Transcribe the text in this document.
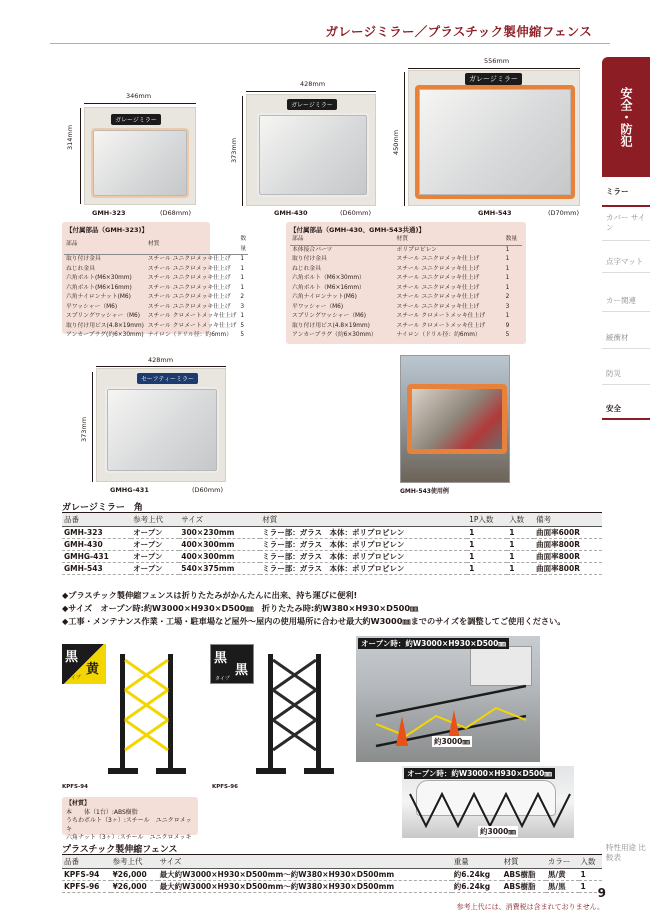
ガレージミラー／プラスチック製伸縮フェンス
安全・防犯
ミラー
カバー サイン
点字マット
カー関連
緩衝材
防災
安全
特性用途 比較表
346mm
314mm
ガレージミラー
GMH-323	(D68mm)
428mm
373mm
ガレージミラー
GMH-430	(D60mm)
556mm
450mm
ガレージミラー
GMH-543	(D70mm)
【付属部品（GMH-323)】
部品	材質	数量
取り付け金具	スチール ユニクロメッキ仕上げ	1
ねじれ金具	スチール ユニクロメッキ仕上げ	1
六角ボルト(M6×30mm)	スチール ユニクロメッキ仕上げ	1
六角ボルト(M6×16mm)	スチール ユニクロメッキ仕上げ	1
六角ナイロンナット(M6)	スチール ユニクロメッキ仕上げ	2
平ワッシャー（M6)	スチール ユニクロメッキ仕上げ	3
スプリングワッシャー（M6)	スチール クロメートメッキ仕上げ	1
取り付け用ビス(4.8×19mm)	スチール クロメートメッキ仕上げ	5
アンカープラグ(約6×30mm)	ナイロン（ドリル径：約6mm）	5
【付属部品（GMH-430、GMH-543共通)】
部品	材質	数量
本体接合パーツ	ポリプロピレン	1
取り付け金具	スチール ユニクロメッキ仕上げ	1
ねじれ金具	スチール ユニクロメッキ仕上げ	1
六角ボルト（M6×30mm）	スチール ユニクロメッキ仕上げ	1
六角ボルト（M6×16mm）	スチール ユニクロメッキ仕上げ	1
六角ナイロンナット(M6)	スチール ユニクロメッキ仕上げ	2
平ワッシャー（M6)	スチール ユニクロメッキ仕上げ	3
スプリングワッシャー（M6)	スチール クロメートメッキ仕上げ	1
取り付け用ビス(4.8×19mm)	スチール クロメートメッキ仕上げ	9
アンカープラグ（約6×30mm）	ナイロン（ドリル径：約6mm）	5
428mm
373mm
セーフティーミラー
GMHG-431	(D60mm)	GMH-543使用例
ガレージミラー　角
品番	参考上代	サイズ	材質	1P入数	入数	備考
GMH-323	オープン	300×230mm	ミラー部：ガラス　本体：ポリプロピレン	1	1	曲面率600R
GMH-430	オープン	400×300mm	ミラー部：ガラス　本体：ポリプロピレン	1	1	曲面率800R
GMHG-431	オープン	400×300mm	ミラー部：ガラス　本体：ポリプロピレン	1	1	曲面率800R
GMH-543	オープン	540×375mm	ミラー部：ガラス　本体：ポリプロピレン	1	1	曲面率800R
◆プラスチック製伸縮フェンスは折りたたみがかんたんに出来、持ち運びに便利!
◆サイズ　オープン時:約W3000×H930×D500㎜　折りたたみ時:約W380×H930×D500㎜
◆工事・メンテナンス作業・工場・駐車場など屋外～屋内の使用場所に合わせ最大約W3000㎜までのサイズを調整してご使用ください。
黒
黄
タイプ
KPFS-94
黒
黒
タイプ
KPFS-96
オープン時：約W3000×H930×D500㎜
約3000㎜
オープン時：約W3000×H930×D500㎜
約3000㎜
【材質】
本　　体（1台）:ABS樹脂
うちわボルト（3ヶ）:スチール　ユニクロメッキ
六角ナット（3ヶ）:スチール　ユニクロメッキ
プラスチック製伸縮フェンス
品番	参考上代	サイズ	重量	材質	カラー	入数
KPFS-94	¥26,000	最大約W3000×H930×D500mm～約W380×H930×D500mm	約6.24kg	ABS樹脂	黒/黄	1
KPFS-96	¥26,000	最大約W3000×H930×D500mm～約W380×H930×D500mm	約6.24kg	ABS樹脂	黒/黒	1 9
参考上代には、消費税は含まれておりません。
